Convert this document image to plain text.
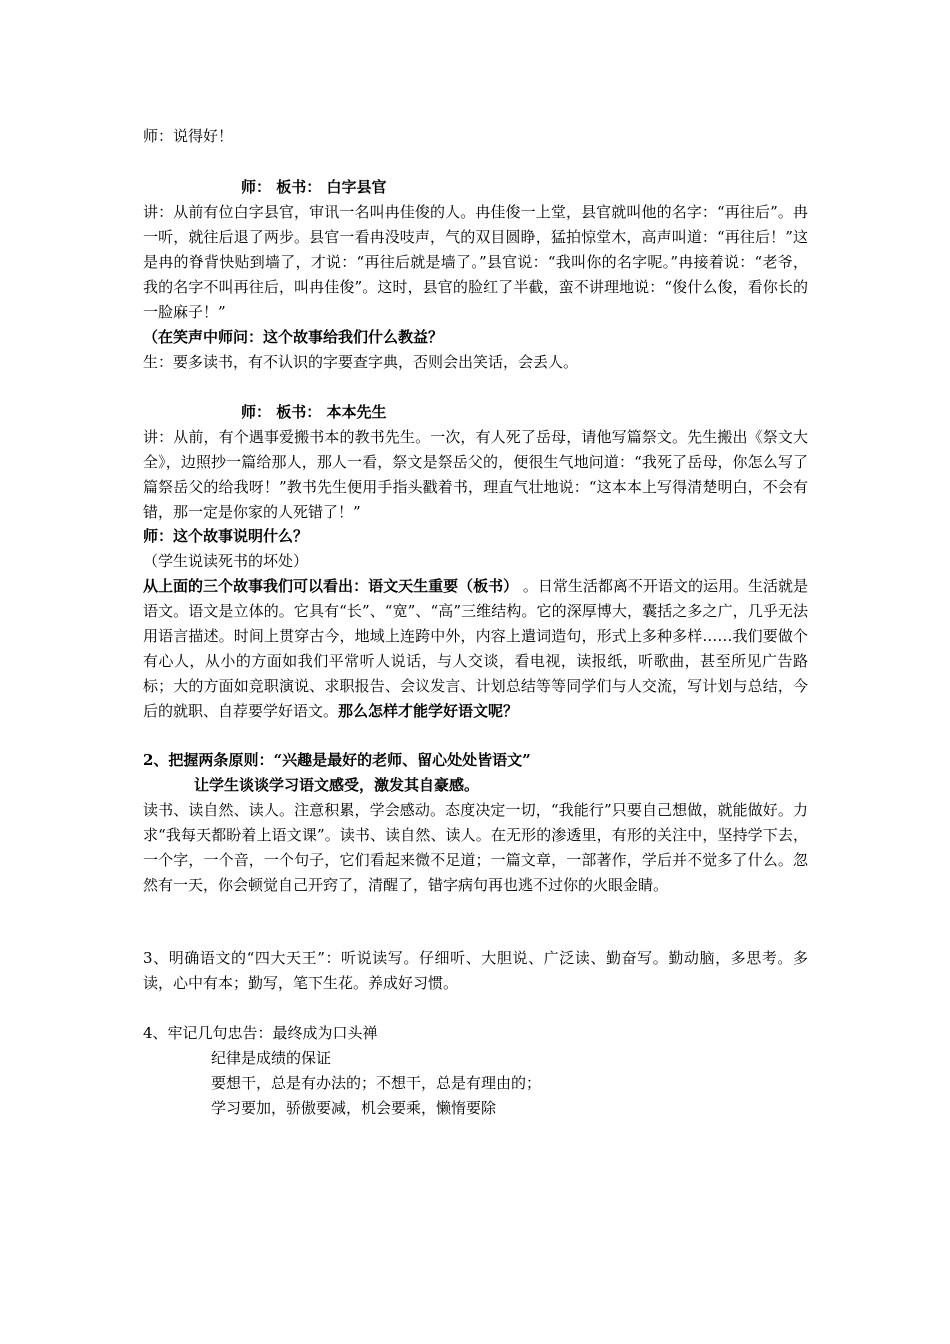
师：说得好！

师： 板书： 白字县官

讲：从前有位白字县官，审讯一名叫冉佳俊的人。冉佳俊一上堂，县官就叫他的名字：“再往后”。冉一听，就往后退了两步。县官一看冉没吱声，气的双目圆睁，猛拍惊堂木，高声叫道：“再往后！”这是冉的脊背快贴到墙了，才说：“再往后就是墙了。”县官说：“我叫你的名字呢。”冉接着说：“老爷，我的名字不叫再往后，叫冉佳俊”。这时，县官的脸红了半截，蛮不讲理地说：“俊什么俊，看你长的一脸麻子！”

（在笑声中师问：这个故事给我们什么教益？

生：要多读书，有不认识的字要查字典，否则会出笑话，会丢人。

师： 板书： 本本先生

讲：从前，有个遇事爱搬书本的教书先生。一次，有人死了岳母，请他写篇祭文。先生搬出《祭文大全》，边照抄一篇给那人，那人一看，祭文是祭岳父的，便很生气地问道：“我死了岳母，你怎么写了篇祭岳父的给我呀！”教书先生便用手指头戳着书，理直气壮地说：“这本本上写得清楚明白，不会有错，那一定是你家的人死错了！”

师：这个故事说明什么？

（学生说读死书的坏处）

从上面的三个故事我们可以看出：语文天生重要（板书） 。日常生活都离不开语文的运用。生活就是语文。语文是立体的。它具有“长”、“宽”、“高”三维结构。它的深厚博大，囊括之多之广，几乎无法用语言描述。时间上贯穿古今，地域上连跨中外，内容上遣词造句，形式上多种多样……我们要做个有心人，从小的方面如我们平常听人说话，与人交谈，看电视，读报纸，听歌曲，甚至所见广告路标；大的方面如竞职演说、求职报告、会议发言、计划总结等等同学们与人交流，写计划与总结，今后的就职、自荐要学好语文。那么怎样才能学好语文呢？

2、把握两条原则：“兴趣是最好的老师、留心处处皆语文”

让学生谈谈学习语文感受，激发其自豪感。

读书、读自然、读人。注意积累，学会感动。态度决定一切，“我能行”只要自己想做，就能做好。力求“我每天都盼着上语文课”。读书、读自然、读人。在无形的渗透里，有形的关注中，坚持学下去，一个字，一个音，一个句子，它们看起来微不足道；一篇文章，一部著作，学后并不觉多了什么。忽然有一天，你会顿觉自己开窍了，清醒了，错字病句再也逃不过你的火眼金睛。

3、明确语文的“四大天王”：听说读写。仔细听、大胆说、广泛读、勤奋写。勤动脑，多思考。多读，心中有本；勤写，笔下生花。养成好习惯。

4、牢记几句忠告：最终成为口头禅

纪律是成绩的保证
要想干，总是有办法的；不想干，总是有理由的；
学习要加，骄傲要减，机会要乘，懒惰要除
